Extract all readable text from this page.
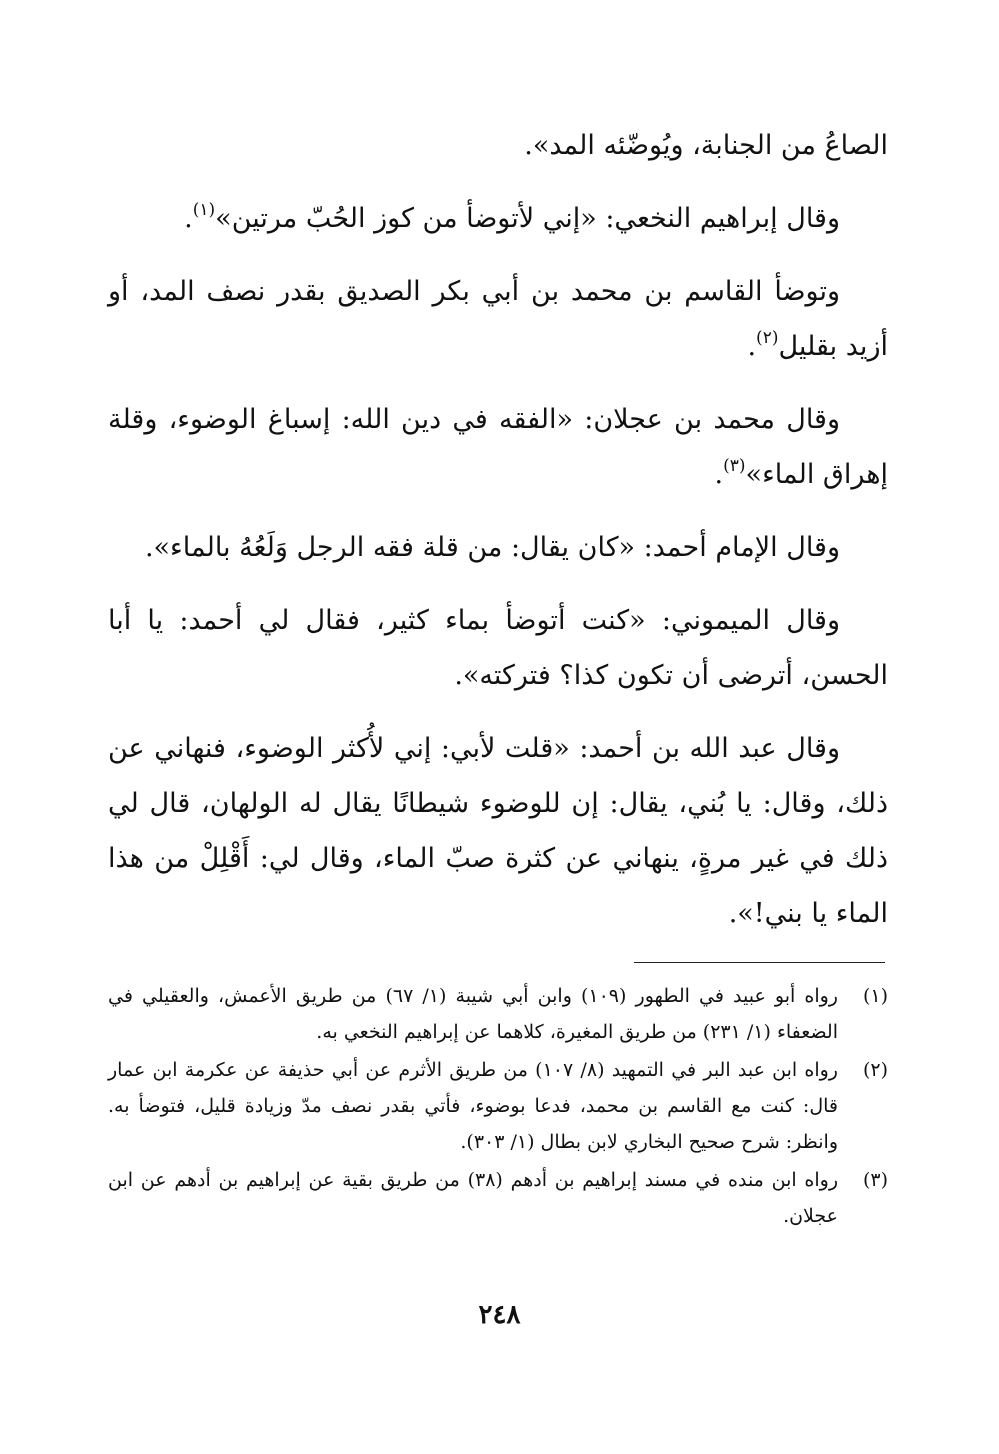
الصاعُ من الجنابة، ويُوضّئه المد».

وقال إبراهيم النخعي: «إني لأتوضأ من كوز الحُبّ مرتين»$^{(١)}$.

وتوضأ القاسم بن محمد بن أبي بكر الصديق بقدر نصف المد، أو أزيد بقليل$^{(٢)}$.

وقال محمد بن عجلان: «الفقه في دين الله: إسباغ الوضوء، وقلة إهراق الماء»$^{(٣)}$.

وقال الإمام أحمد: «كان يقال: من قلة فقه الرجل وَلَعُهُ بالماء».

وقال الميموني: «كنت أتوضأ بماء كثير، فقال لي أحمد: يا أبا الحسن، أترضى أن تكون كذا؟ فتركته».

وقال عبد الله بن أحمد: «قلت لأبي: إني لأُكثر الوضوء، فنهاني عن ذلك، وقال: يا بُني، يقال: إن للوضوء شيطانًا يقال له الولهان، قال لي ذلك في غير مرةٍ، ينهاني عن كثرة صبّ الماء، وقال لي: أَقْلِلْ من هذا الماء يا بني!».

(١)
رواه أبو عبيد في الطهور (١٠٩) وابن أبي شيبة (١/ ٦٧) من طريق الأعمش، والعقيلي في الضعفاء (١/ ٢٣١) من طريق المغيرة، كلاهما عن إبراهيم النخعي به.
(٢)
رواه ابن عبد البر في التمهيد (٨/ ١٠٧) من طريق الأثرم عن أبي حذيفة عن عكرمة ابن عمار قال: كنت مع القاسم بن محمد، فدعا بوضوء، فأتي بقدر نصف مدّ وزيادة قليل، فتوضأ به. وانظر: شرح صحيح البخاري لابن بطال (١/ ٣٠٣).
(٣)
رواه ابن منده في مسند إبراهيم بن أدهم (٣٨) من طريق بقية عن إبراهيم بن أدهم عن ابن عجلان.
٢٤٨
